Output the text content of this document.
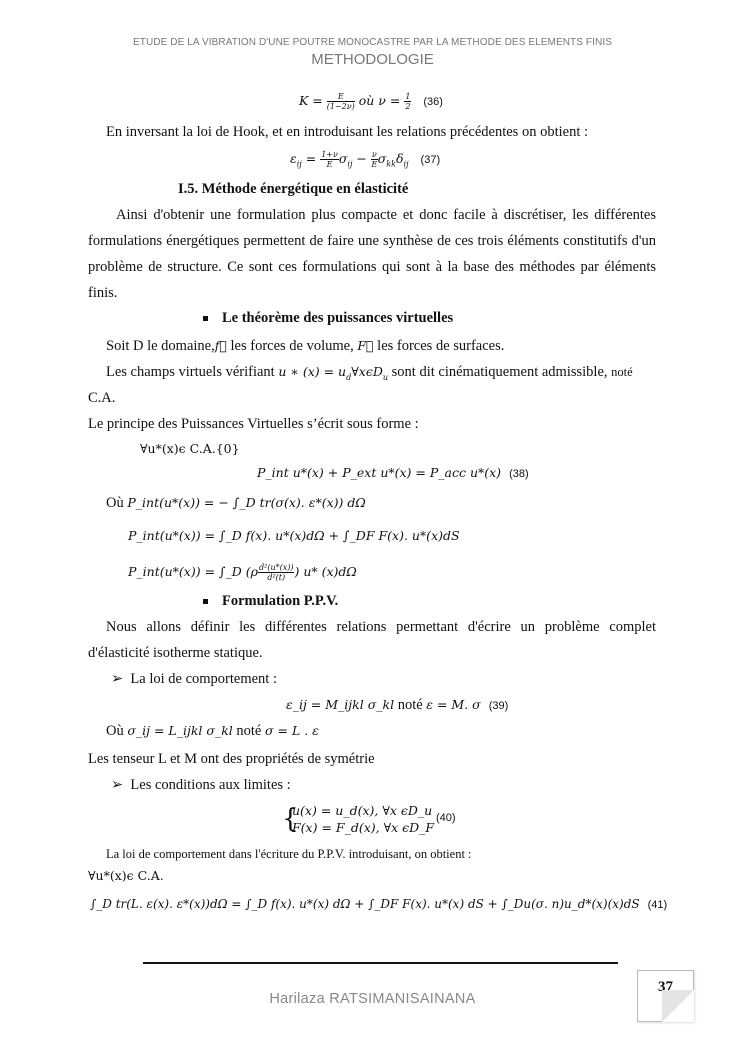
ETUDE DE LA VIBRATION D'UNE POUTRE MONOCASTRE PAR LA METHODE DES ELEMENTS FINIS
METHODOLOGIE
$K = \frac{E}{(1-2\nu)}$ où $\nu = \frac{1}{2} (36)$
En inversant la loi de Hook, et en introduisant les relations précédentes on obtient :
$\varepsilon_{ij} = \frac{1+\nu}{E} \sigma_{ij} - \frac{\nu}{E} \sigma_{kk}\delta_{ij}$ (37)
I.5. Méthode énergétique en élasticité
Ainsi d'obtenir une formulation plus compacte et donc facile à discrétiser, les différentes formulations énergétiques permettent de faire une synthèse de ces trois éléments constitutifs d'un problème de structure. Ce sont ces formulations qui sont à la base des méthodes par éléments finis.
Le théorème des puissances virtuelles
Soit D le domaine,f⃗ les forces de volume, F⃗ les forces de surfaces.
Les champs virtuels vérifiant u ∗ $(x) = u_d\forall x\epsilon D_u$ sont dit cinématiquement admissible, noté
C.A.
Le principe des Puissances Virtuelles s’écrit sous forme :
∀u*(x)ϵ C.A.{0}
P_int u*(x) + P_ext u*(x) = P_acc u*(x) (38)
Où P_int(u*(x)) = − ∫_D tr(σ(x). ε*(x)) dΩ
P_int(u*(x)) = ∫_D f(x). u*(x)dΩ + ∫_DF F(x). u*(x)dS
P_int(u*(x)) = ∫_D ($\rho \frac{\text{d²(u*(x))}}{\text{d²(t)}}$ ) u* (x)dΩ
Formulation P.P.V.
Nous allons définir les différentes relations permettant d'écrire un problème complet d'élasticité isotherme statique.
➢ La loi de comportement :
ε_ij = M_ijkl σ_kl noté ε = M. σ (39)
Où σ_ij = L_ijkl σ_kl noté σ = L . ε
Les tenseur L et M ont des propriétés de symétrie
➢ Les conditions aux limites :
{
u(x) = u_d(x), ∀x ϵD_u
F(x) = F_d(x), ∀x ϵD_F
(40)
La loi de comportement dans l'écriture du P.P.V. introduisant, on obtient :
∀u*(x)ϵ C.A.
∫_D tr(L. ε(x). ε*(x))dΩ = ∫_D f(x). u*(x) dΩ + ∫_DF F(x). u*(x) dS + ∫_Du(σ. n)u_d*(x)(x)dS (41)
Harilaza RATSIMANISAINANA
37
